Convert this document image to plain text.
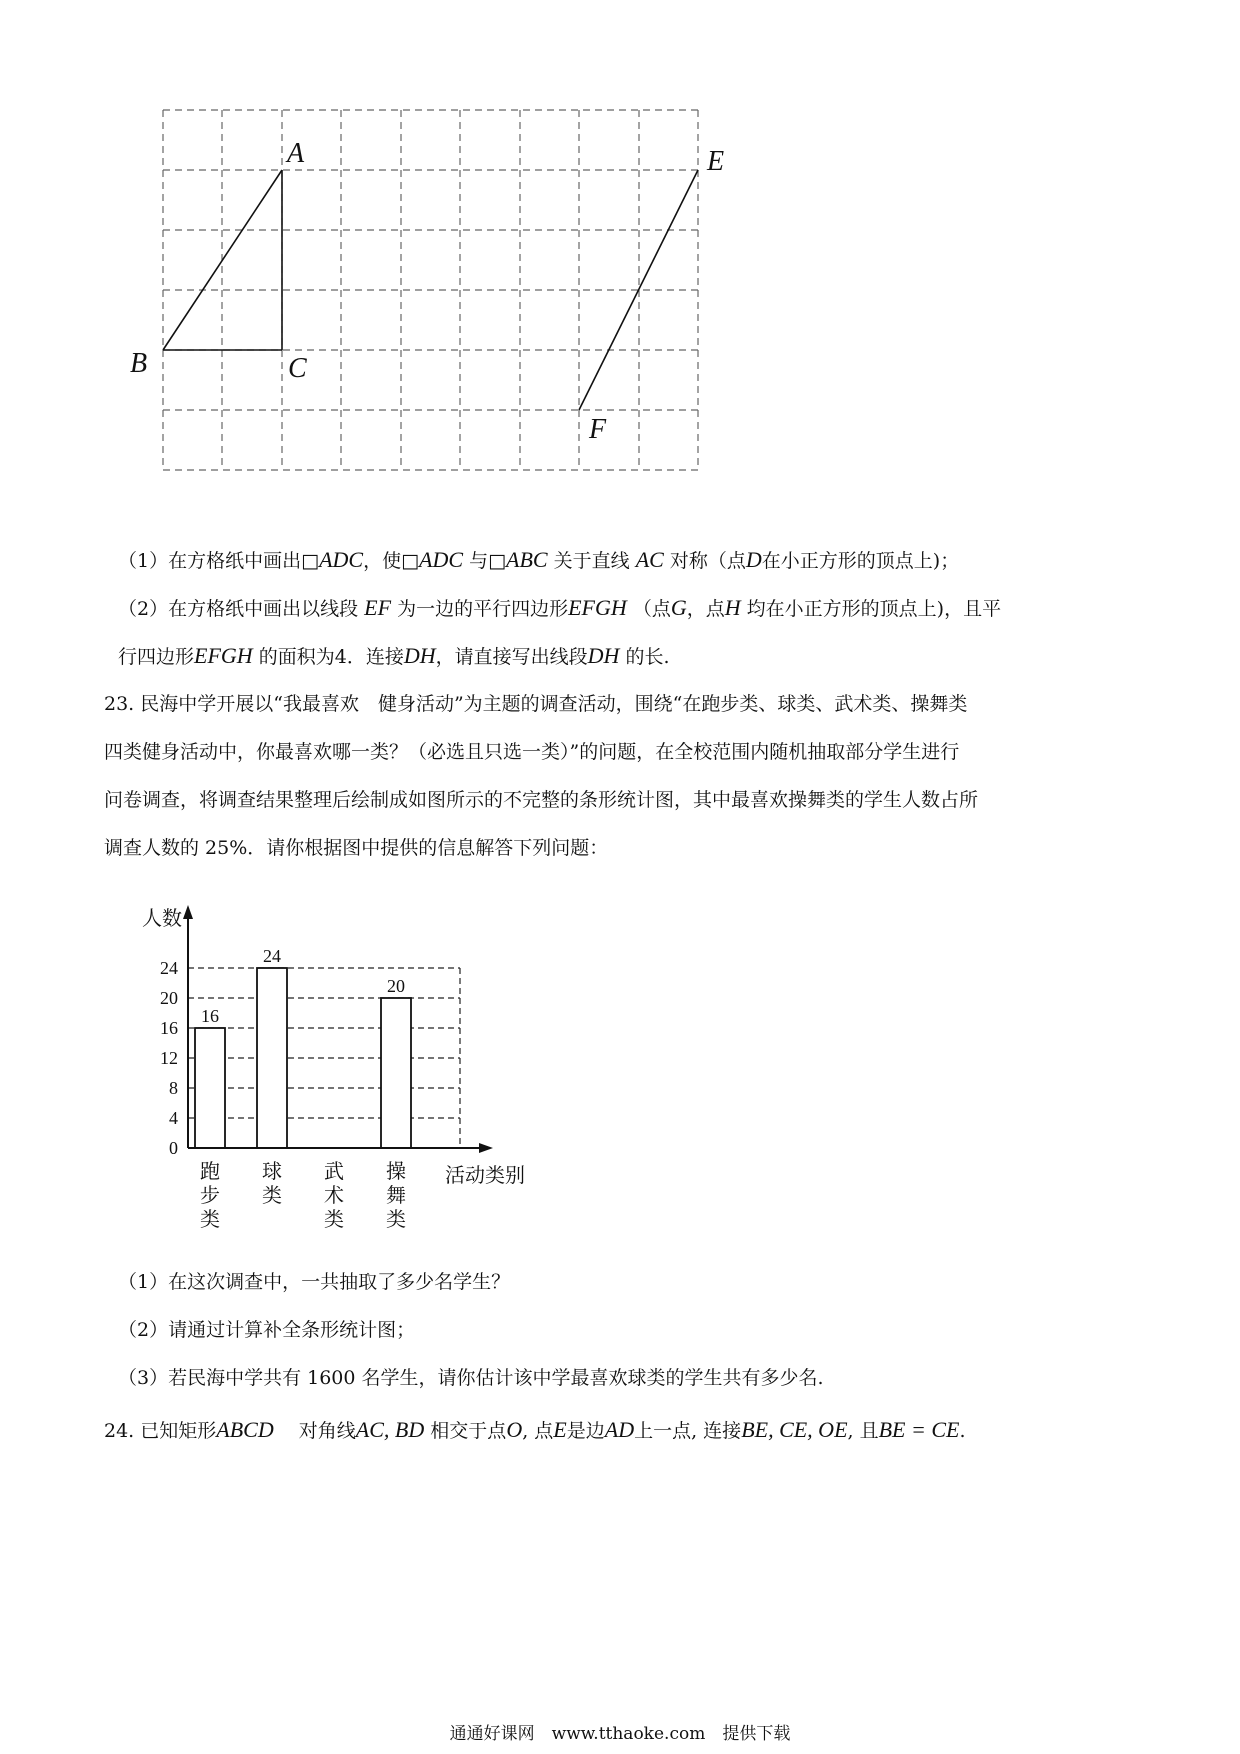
A
B	C
E
F
（1）在方格纸中画出□ADC，使□ADC 与□ABC 关于直线 AC 对称（点D在小正方形的顶点上)；
（2）在方格纸中画出以线段 EF 为一边的平行四边形EFGH （点G，点H 均在小正方形的顶点上)，且平
行四边形EFGH 的面积为4．连接DH，请直接写出线段DH 的长.
23. 民海中学开展以“我最喜欢　健身活动”为主题的调查活动，围绕“在跑步类、球类、武术类、操舞类
四类健身活动中，你最喜欢哪一类？（必选且只选一类）”的问题，在全校范围内随机抽取部分学生进行
问卷调查，将调查结果整理后绘制成如图所示的不完整的条形统计图，其中最喜欢操舞类的学生人数占所
调查人数的 25%．请你根据图中提供的信息解答下列问题：
0
4
8
12
16
20
24
16
跑
步
类
24
球
类
武
术
类
20
操
舞
类
人数
活动类别
（1）在这次调查中，一共抽取了多少名学生？
（2）请通过计算补全条形统计图；
（3）若民海中学共有 1600 名学生，请你估计该中学最喜欢球类的学生共有多少名.
24. 已知矩形ABCD　 对角线AC, BD 相交于点O, 点E是边AD上一点, 连接BE, CE, OE, 且BE = CE.
通通好课网　www.tthaoke.com　提供下载
